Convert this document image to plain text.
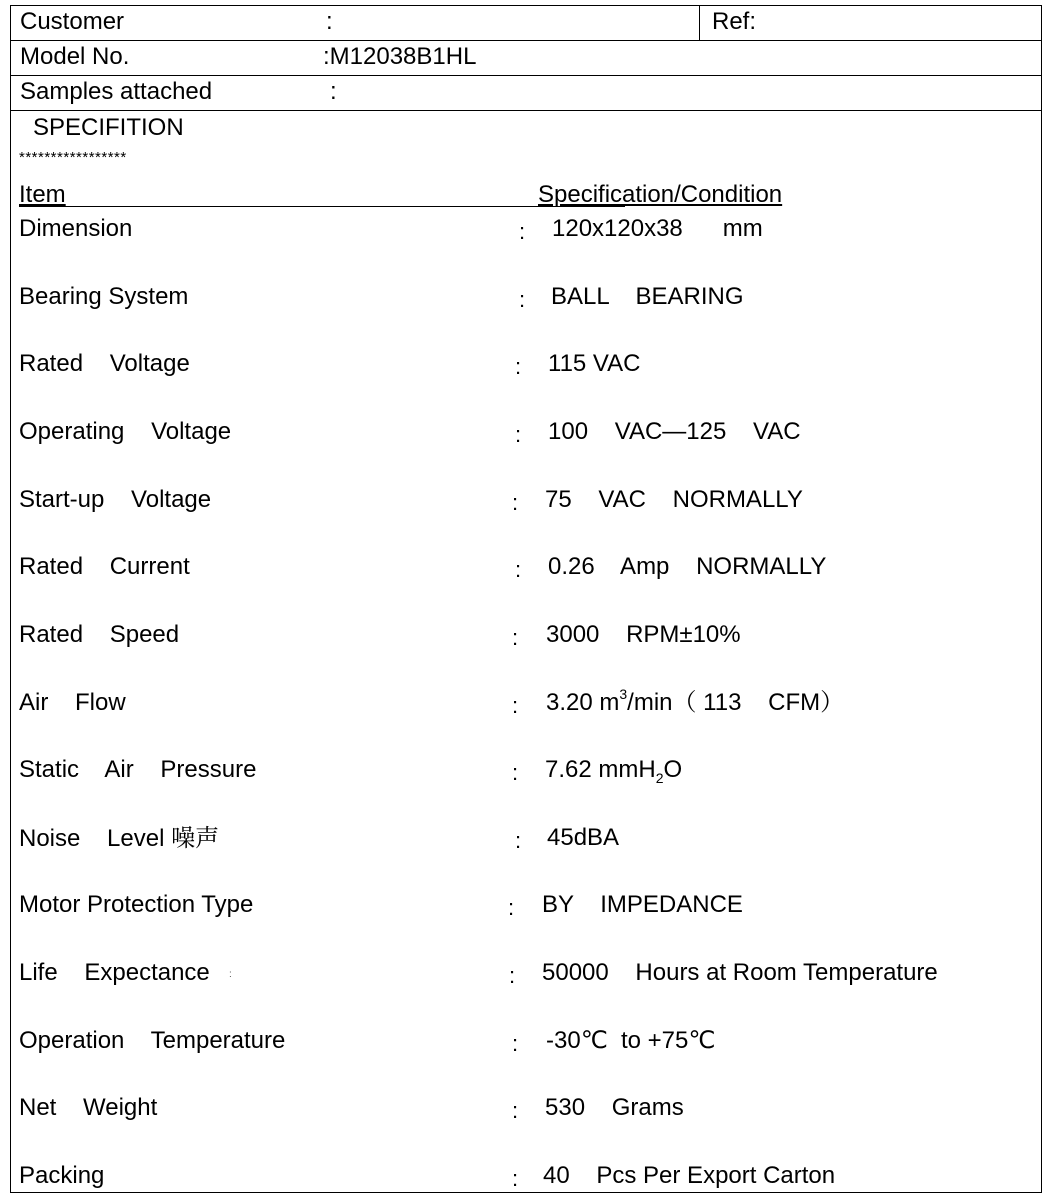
Customer	:	Ref:
Model No.	:M12038B1HL
Samples attached	:
SPECIFITION
*****************
Item	Specification/Condition
Dimension	: 120x120x38      mm
Bearing System	: BALL    BEARING
Rated    Voltage	: 115 VAC
Operating    Voltage	: 100    VAC—125    VAC
Start-up    Voltage	: 75    VAC    NORMALLY
Rated    Current	: 0.26    Amp    NORMALLY
Rated    Speed	: 3000    RPM±10%
Air    Flow	: 3.20 $m^3/\min$（ 113    CFM）
Static    Air    Pressure	: 7.62 mmH$_2$O
Noise    Level 噪声	: 45dBA
Motor Protection Type	: BY    IMPEDANCE
Life    Expectance :	: 50000    Hours at Room Temperature
Operation    Temperature	: -30℃  to +75℃
Net    Weight	: 530    Grams
Packing	: 40    Pcs Per Export Carton
